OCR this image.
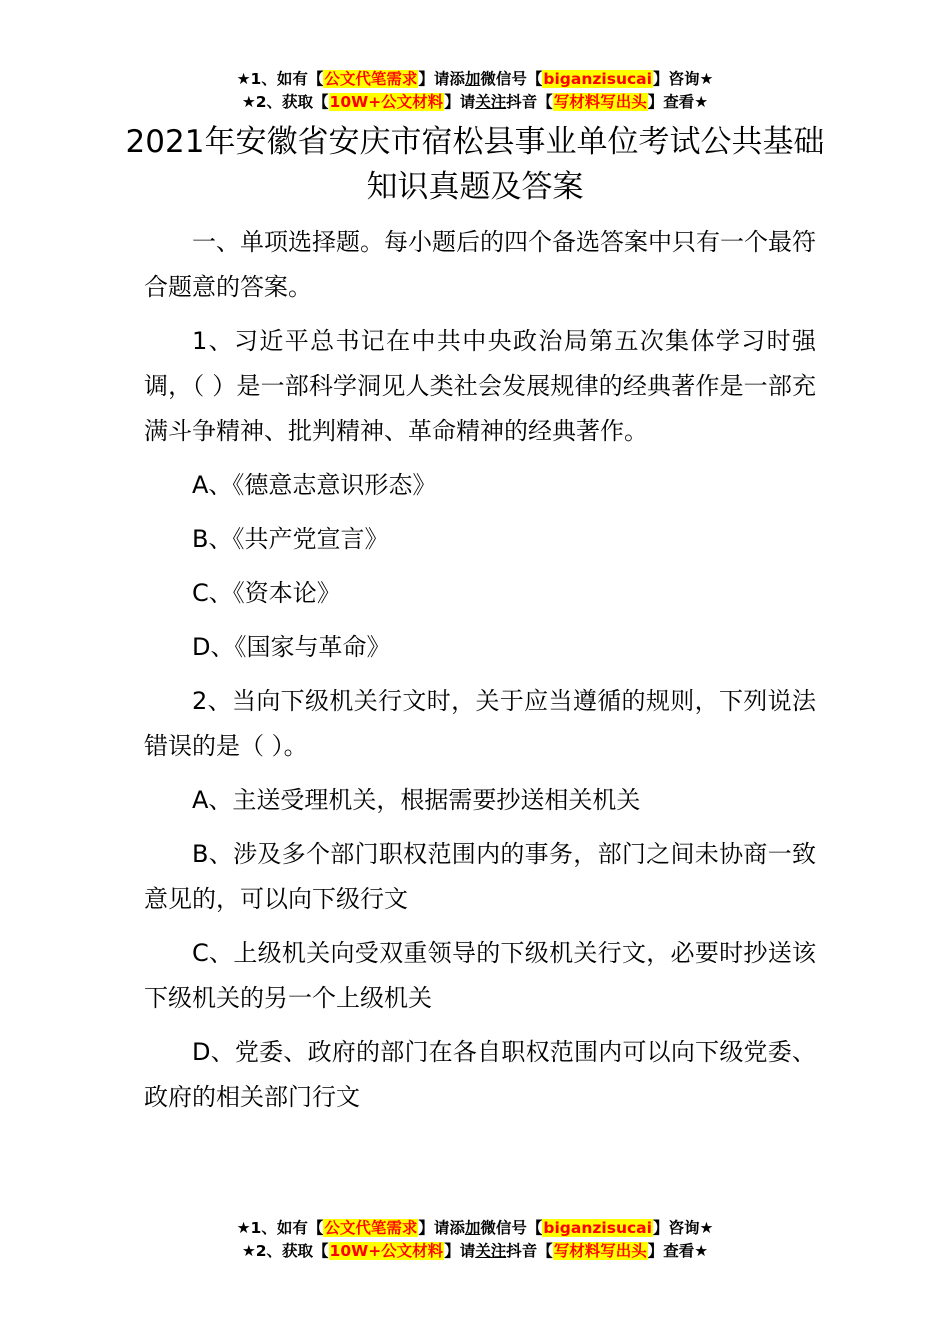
★1、如有【公文代笔需求】请添加微信号【biganzisucai】咨询★
★2、获取【10W+公文材料】请关注抖音【写材料写出头】查看★
2021年安徽省安庆市宿松县事业单位考试公共基础知识真题及答案

一、单项选择题。每小题后的四个备选答案中只有一个最符合题意的答案。

1、习近平总书记在中共中央政治局第五次集体学习时强调，（ ）是一部科学洞见人类社会发展规律的经典著作是一部充满斗争精神、批判精神、革命精神的经典著作。

A、《德意志意识形态》

B、《共产党宣言》

C、《资本论》

D、《国家与革命》

2、当向下级机关行文时，关于应当遵循的规则，下列说法错误的是（ ）。

A、主送受理机关，根据需要抄送相关机关

B、涉及多个部门职权范围内的事务，部门之间未协商一致意见的，可以向下级行文

C、上级机关向受双重领导的下级机关行文，必要时抄送该下级机关的另一个上级机关

D、党委、政府的部门在各自职权范围内可以向下级党委、政府的相关部门行文

★1、如有【公文代笔需求】请添加微信号【biganzisucai】咨询★
★2、获取【10W+公文材料】请关注抖音【写材料写出头】查看★
